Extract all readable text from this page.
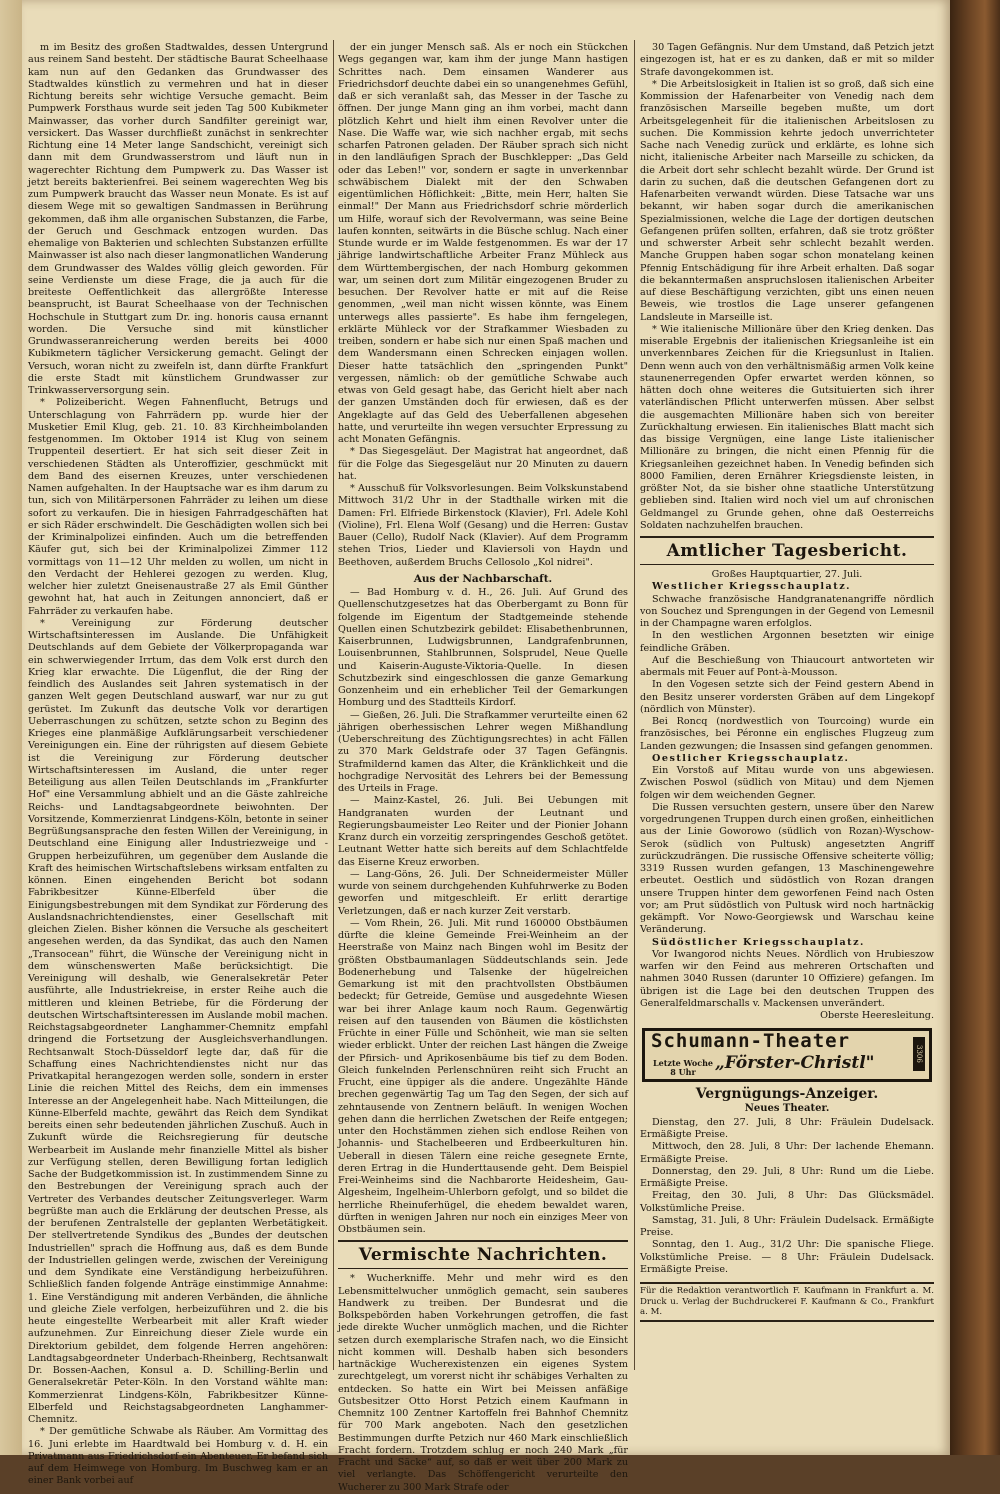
m im Besitz des großen Stadtwaldes, dessen Untergrund aus reinem Sand besteht. Der städtische Baurat Scheelhaase kam nun auf den Gedanken das Grundwasser des Stadtwaldes künstlich zu vermehren und hat in dieser Richtung bereits sehr wichtige Versuche gemacht. Beim Pumpwerk Forsthaus wurde seit jeden Tag 500 Kubikmeter Mainwasser, das vorher durch Sandfilter gereinigt war, versickert. Das Wasser durchfließt zunächst in senkrechter Richtung eine 14 Meter lange Sandschicht, vereinigt sich dann mit dem Grundwasserstrom und läuft nun in wagerechter Richtung dem Pumpwerk zu. Das Wasser ist jetzt bereits bakterienfrei. Bei seinem wagerechten Weg bis zum Pumpwerk braucht das Wasser neun Monate. Es ist auf diesem Wege mit so gewaltigen Sandmassen in Berührung gekommen, daß ihm alle organischen Substanzen, die Farbe, der Geruch und Geschmack entzogen wurden. Das ehemalige von Bakterien und schlechten Substanzen erfüllte Mainwasser ist also nach dieser langmonatlichen Wanderung dem Grundwasser des Waldes völlig gleich geworden. Für seine Verdienste um diese Frage, die ja auch für die breiteste Oeffentlichkeit das allergrößte Interesse beansprucht, ist Baurat Scheelhaase von der Technischen Hochschule in Stuttgart zum Dr. ing. honoris causa ernannt worden. Die Versuche sind mit künstlicher Grundwasseranreicherung werden bereits bei 4000 Kubikmetern täglicher Versickerung gemacht. Gelingt der Versuch, woran nicht zu zweifeln ist, dann dürfte Frankfurt die erste Stadt mit künstlichem Grundwasser zur Trinkwasserversorgung sein.

* Polizeibericht. Wegen Fahnenflucht, Betrugs und Unterschlagung von Fahrrädern pp. wurde hier der Musketier Emil Klug, geb. 21. 10. 83 Kirchheimbolanden festgenommen. Im Oktober 1914 ist Klug von seinem Truppenteil desertiert. Er hat sich seit dieser Zeit in verschiedenen Städten als Unteroffizier, geschmückt mit dem Band des eisernen Kreuzes, unter verschiedenen Namen aufgehalten. In der Hauptsache war es ihm darum zu tun, sich von Militärpersonen Fahrräder zu leihen um diese sofort zu verkaufen. Die in hiesigen Fahrradgeschäften hat er sich Räder erschwindelt. Die Geschädigten wollen sich bei der Kriminalpolizei einfinden. Auch um die betreffenden Käufer gut, sich bei der Kriminalpolizei Zimmer 112 vormittags von 11—12 Uhr melden zu wollen, um nicht in den Verdacht der Hehlerei gezogen zu werden. Klug, welcher hier zuletzt Gneisenaustraße 27 als Emil Günther gewohnt hat, hat auch in Zeitungen annonciert, daß er Fahrräder zu verkaufen habe.

* Vereinigung zur Förderung deutscher Wirtschaftsinteressen im Auslande. Die Unfähigkeit Deutschlands auf dem Gebiete der Völkerpropaganda war ein schwerwiegender Irrtum, das dem Volk erst durch den Krieg klar erwachte. Die Lügenflut, die der Ring der feindlich des Auslandes seit Jahren systematisch in der ganzen Welt gegen Deutschland auswarf, war nur zu gut gerüstet. Im Zukunft das deutsche Volk vor derartigen Ueberraschungen zu schützen, setzte schon zu Beginn des Krieges eine planmäßige Aufklärungsarbeit verschiedener Vereinigungen ein. Eine der rührigsten auf diesem Gebiete ist die Vereinigung zur Förderung deutscher Wirtschaftsinteressen im Ausland, die unter reger Beteiligung aus allen Teilen Deutschlands im „Frankfurter Hof" eine Versammlung abhielt und an die Gäste zahlreiche Reichs- und Landtagsabgeordnete beiwohnten. Der Vorsitzende, Kommerzienrat Lindgens-Köln, betonte in seiner Begrüßungsansprache den festen Willen der Vereinigung, in Deutschland eine Einigung aller Industriezweige und -Gruppen herbeizuführen, um gegenüber dem Auslande die Kraft des heimischen Wirtschaftslebens wirksam entfalten zu können. Einen eingehenden Bericht bot sodann Fabrikbesitzer Künne-Elberfeld über die Einigungsbestrebungen mit dem Syndikat zur Förderung des Auslandsnachrichtendienstes, einer Gesellschaft mit gleichen Zielen. Bisher können die Versuche als gescheitert angesehen werden, da das Syndikat, das auch den Namen „Transocean" führt, die Wünsche der Vereinigung nicht in dem wünschenswerten Maße berücksichtigt. Die Vereinigung will deshalb, wie Generalsekretär Peter ausführte, alle Industriekreise, in erster Reihe auch die mittleren und kleinen Betriebe, für die Förderung der deutschen Wirtschaftsinteressen im Auslande mobil machen. Reichstagsabgeordneter Langhammer-Chemnitz empfahl dringend die Fortsetzung der Ausgleichsverhandlungen. Rechtsanwalt Stoch-Düsseldorf legte dar, daß für die Schaffung eines Nachrichtendienstes nicht nur das Privatkapital herangezogen werden solle, sondern in erster Linie die reichen Mittel des Reichs, dem ein immenses Interesse an der Angelegenheit habe. Nach Mitteilungen, die Künne-Elberfeld machte, gewährt das Reich dem Syndikat bereits einen sehr bedeutenden jährlichen Zuschuß. Auch in Zukunft würde die Reichsregierung für deutsche Werbearbeit im Auslande mehr finanzielle Mittel als bisher zur Verfügung stellen, deren Bewilligung fortan lediglich Sache der Budgetkommission ist. In zustimmendem Sinne zu den Bestrebungen der Vereinigung sprach auch der Vertreter des Verbandes deutscher Zeitungsverleger. Warm begrüßte man auch die Erklärung der deutschen Presse, als der berufenen Zentralstelle der geplanten Werbetätigkeit. Der stellvertretende Syndikus des „Bundes der deutschen Industriellen" sprach die Hoffnung aus, daß es dem Bunde der Industriellen gelingen werde, zwischen der Vereinigung und dem Syndikate eine Verständigung herbeizuführen. Schließlich fanden folgende Anträge einstimmige Annahme: 1. Eine Verständigung mit anderen Verbänden, die ähnliche und gleiche Ziele verfolgen, herbeizuführen und 2. die bis heute eingestellte Werbearbeit mit aller Kraft wieder aufzunehmen. Zur Einreichung dieser Ziele wurde ein Direktorium gebildet, dem folgende Herren angehören: Landtagsabgeordneter Underbach-Rheinberg, Rechtsanwalt Dr. Bossen-Aachen, Konsul a. D. Schilling-Berlin und Generalsekretär Peter-Köln. In den Vorstand wählte man: Kommerzienrat Lindgens-Köln, Fabrikbesitzer Künne-Elberfeld und Reichstagsabgeordneten Langhammer-Chemnitz.

* Der gemütliche Schwabe als Räuber. Am Vormittag des 16. Juni erlebte im Haardtwald bei Homburg v. d. H. ein Privatmann aus Friedrichsdorf ein Abenteuer. Er befand sich auf dem Heimwege von Homburg. Im Buschweg kam er an einer Bank vorbei auf

der ein junger Mensch saß. Als er noch ein Stückchen Wegs gegangen war, kam ihm der junge Mann hastigen Schrittes nach. Dem einsamen Wanderer aus Friedrichsdorf deuchte dabei ein so unangenehmes Gefühl, daß er sich veranlaßt sah, das Messer in der Tasche zu öffnen. Der junge Mann ging an ihm vorbei, macht dann plötzlich Kehrt und hielt ihm einen Revolver unter die Nase. Die Waffe war, wie sich nachher ergab, mit sechs scharfen Patronen geladen. Der Räuber sprach sich nicht in den landläufigen Sprach der Buschklepper: „Das Geld oder das Leben!" vor, sondern er sagte in unverkennbar schwäbischem Dialekt mit der den Schwaben eigentümlichen Höflichkeit: „Bitte, mein Herr, halten Sie einmal!" Der Mann aus Friedrichsdorf schrie mörderlich um Hilfe, worauf sich der Revolvermann, was seine Beine laufen konnten, seitwärts in die Büsche schlug. Nach einer Stunde wurde er im Walde festgenommen. Es war der 17 jährige landwirtschaftliche Arbeiter Franz Mühleck aus dem Württembergischen, der nach Homburg gekommen war, um seinen dort zum Militär eingezogenen Bruder zu besuchen. Der Revolver hatte er mit auf die Reise genommen, „weil man nicht wissen könnte, was Einem unterwegs alles passierte". Es habe ihm ferngelegen, erklärte Mühleck vor der Strafkammer Wiesbaden zu treiben, sondern er habe sich nur einen Spaß machen und dem Wandersmann einen Schrecken einjagen wollen. Dieser hatte tatsächlich den „springenden Punkt" vergessen, nämlich: ob der gemütliche Schwabe auch etwas von Geld gesagt habe, das Gericht hielt aber nach der ganzen Umständen doch für erwiesen, daß es der Angeklagte auf das Geld des Ueberfallenen abgesehen hatte, und verurteilte ihn wegen versuchter Erpressung zu acht Monaten Gefängnis.

* Das Siegesgeläut. Der Magistrat hat angeordnet, daß für die Folge das Siegesgeläut nur 20 Minuten zu dauern hat.

* Ausschuß für Volksvorlesungen. Beim Volkskunstabend Mittwoch 31/2 Uhr in der Stadthalle wirken mit die Damen: Frl. Elfriede Birkenstock (Klavier), Frl. Adele Kohl (Violine), Frl. Elena Wolf (Gesang) und die Herren: Gustav Bauer (Cello), Rudolf Nack (Klavier). Auf dem Programm stehen Trios, Lieder und Klaviersoli von Haydn und Beethoven, außerdem Bruchs Cellosolo „Kol nidrei".

Aus der Nachbarschaft.

— Bad Homburg v. d. H., 26. Juli. Auf Grund des Quellenschutzgesetzes hat das Oberbergamt zu Bonn für folgende im Eigentum der Stadtgemeinde stehende Quellen einen Schutzbezirk gebildet: Elisabethenbrunnen, Kaiserbrunnen, Ludwigsbrunnen, Landgrafenbrunnen, Louisenbrunnen, Stahlbrunnen, Solsprudel, Neue Quelle und Kaiserin-Auguste-Viktoria-Quelle. In diesen Schutzbezirk sind eingeschlossen die ganze Gemarkung Gonzenheim und ein erheblicher Teil der Gemarkungen Homburg und des Stadtteils Kirdorf.

— Gießen, 26. Juli. Die Strafkammer verurteilte einen 62 jährigen oberhessischen Lehrer wegen Mißhandlung (Ueberschreitung des Züchtigungsrechtes) in acht Fällen zu 370 Mark Geldstrafe oder 37 Tagen Gefängnis. Strafmildernd kamen das Alter, die Kränklichkeit und die hochgradige Nervosität des Lehrers bei der Bemessung des Urteils in Frage.

— Mainz-Kastel, 26. Juli. Bei Uebungen mit Handgranaten wurden der Leutnant und Regierungsbaumeister Leo Reiter und der Pionier Johann Kranz durch ein vorzeitig zerspringendes Geschoß getötet. Leutnant Wetter hatte sich bereits auf dem Schlachtfelde das Eiserne Kreuz erworben.

— Lang-Göns, 26. Juli. Der Schneidermeister Müller wurde von seinem durchgehenden Kuhfuhrwerke zu Boden geworfen und mitgeschleift. Er erlitt derartige Verletzungen, daß er nach kurzer Zeit verstarb.

— Vom Rhein, 26. Juli. Mit rund 160000 Obstbäumen dürfte die kleine Gemeinde Frei-Weinheim an der Heerstraße von Mainz nach Bingen wohl im Besitz der größten Obstbaumanlagen Süddeutschlands sein. Jede Bodenerhebung und Talsenke der hügelreichen Gemarkung ist mit den prachtvollsten Obstbäumen bedeckt; für Getreide, Gemüse und ausgedehnte Wiesen war bei ihrer Anlage kaum noch Raum. Gegenwärtig reisen auf den tausenden von Bäumen die köstlichsten Früchte in einer Fülle und Schönheit, wie man sie selten wieder erblickt. Unter der reichen Last hängen die Zweige der Pfirsich- und Aprikosenbäume bis tief zu dem Boden. Gleich funkelnden Perlenschnüren reiht sich Frucht an Frucht, eine üppiger als die andere. Ungezählte Hände brechen gegenwärtig Tag um Tag den Segen, der sich auf zehntausende von Zentnern beläuft. In wenigen Wochen gehen dann die herrlichen Zwetschen der Reife entgegen; unter den Hochstämmen ziehen sich endlose Reihen von Johannis- und Stachelbeeren und Erdbeerkulturen hin. Ueberall in diesen Tälern eine reiche gesegnete Ernte, deren Ertrag in die Hunderttausende geht. Dem Beispiel Frei-Weinheims sind die Nachbarorte Heidesheim, Gau-Algesheim, Ingelheim-Uhlerborn gefolgt, und so bildet die herrliche Rheinuferhügel, die ehedem bewaldet waren, dürften in wenigen Jahren nur noch ein einziges Meer von Obstbäumen sein.

Vermischte Nachrichten.

* Wucherkniffe. Mehr und mehr wird es den Lebensmittelwucher unmöglich gemacht, sein sauberes Handwerk zu treiben. Der Bundesrat und die Bolkspebörden haben Vorkehrungen getroffen, die fast jede direkte Wucher unmöglich machen, und die Richter setzen durch exemplarische Strafen nach, wo die Einsicht nicht kommen will. Deshalb haben sich besonders hartnäckige Wucherexistenzen ein eigenes System zurechtgelegt, um vorerst nicht ihr schäbiges Verhalten zu entdecken. So hatte ein Wirt bei Meissen anfäßige Gutsbesitzer Otto Horst Petzich einem Kaufmann in Chemnitz 100 Zentner Kartoffeln frei Bahnhof Chemnitz für 700 Mark angeboten. Nach den gesetzlichen Bestimmungen durfte Petzich nur 460 Mark einschließlich Fracht fordern. Trotzdem schlug er noch 240 Mark „für Fracht und Säcke“ auf, so daß er weit über 200 Mark zu viel verlangte. Das Schöffengericht verurteilte den Wucherer zu 300 Mark Strafe oder

30 Tagen Gefängnis. Nur dem Umstand, daß Petzich jetzt eingezogen ist, hat er es zu danken, daß er mit so milder Strafe davongekommen ist.

* Die Arbeitslosigkeit in Italien ist so groß, daß sich eine Kommission der Hafenarbeiter von Venedig nach dem französischen Marseille begeben mußte, um dort Arbeitsgelegenheit für die italienischen Arbeitslosen zu suchen. Die Kommission kehrte jedoch unverrichteter Sache nach Venedig zurück und erklärte, es lohne sich nicht, italienische Arbeiter nach Marseille zu schicken, da die Arbeit dort sehr schlecht bezahlt würde. Der Grund ist darin zu suchen, daß die deutschen Gefangenen dort zu Hafenarbeiten verwandt würden. Diese Tatsache war uns bekannt, wir haben sogar durch die amerikanischen Spezialmissionen, welche die Lage der dortigen deutschen Gefangenen prüfen sollten, erfahren, daß sie trotz größter und schwerster Arbeit sehr schlecht bezahlt werden. Manche Gruppen haben sogar schon monatelang keinen Pfennig Entschädigung für ihre Arbeit erhalten. Daß sogar die bekanntermaßen anspruchslosen italienischen Arbeiter auf diese Beschäftigung verzichten, gibt uns einen neuen Beweis, wie trostlos die Lage unserer gefangenen Landsleute in Marseille ist.

* Wie italienische Millionäre über den Krieg denken. Das miserable Ergebnis der italienischen Kriegsanleihe ist ein unverkennbares Zeichen für die Kriegsunlust in Italien. Denn wenn auch von den verhältnismäßig armen Volk keine staunenerregenden Opfer erwartet werden können, so hätten doch ohne weiteres die Gutsituierten sich ihrer vaterländischen Pflicht unterwerfen müssen. Aber selbst die ausgemachten Millionäre haben sich von bereiter Zurückhaltung erwiesen. Ein italienisches Blatt macht sich das bissige Vergnügen, eine lange Liste italienischer Millionäre zu bringen, die nicht einen Pfennig für die Kriegsanleihen gezeichnet haben. In Venedig befinden sich 8000 Familien, deren Ernährer Kriegsdienste leisten, in größter Not, da sie bisher ohne staatliche Unterstützung geblieben sind. Italien wird noch viel um auf chronischen Geldmangel zu Grunde gehen, ohne daß Oesterreichs Soldaten nachzuhelfen brauchen.

Amtlicher Tagesbericht.

Großes Hauptquartier, 27. Juli.

Westlicher Kriegsschauplatz.

Schwache französische Handgranatenangriffe nördlich von Souchez und Sprengungen in der Gegend von Lemesnil in der Champagne waren erfolglos.

In den westlichen Argonnen besetzten wir einige feindliche Gräben.

Auf die Beschießung von Thiaucourt antworteten wir abermals mit Feuer auf Pont-à-Mousson.

In den Vogesen setzte sich der Feind gestern Abend in den Besitz unserer vordersten Gräben auf dem Lingekopf (nördlich von Münster).

Bei Roncq (nordwestlich von Tourcoing) wurde ein französisches, bei Péronne ein englisches Flugzeug zum Landen gezwungen; die Insassen sind gefangen genommen.

Oestlicher Kriegsschauplatz.

Ein Vorstoß auf Mitau wurde von uns abgewiesen. Zwischen Poswol (südlich von Mitau) und dem Njemen folgen wir dem weichenden Gegner.

Die Russen versuchten gestern, unsere über den Narew vorgedrungenen Truppen durch einen großen, einheitlichen aus der Linie Goworowo (südlich von Rozan)-Wyschow-Serok (südlich von Pultusk) angesetzten Angriff zurückzudrängen. Die russische Offensive scheiterte völlig; 3319 Russen wurden gefangen, 13 Maschinengewehre erbeutet. Oestlich und südöstlich von Rozan drangen unsere Truppen hinter dem geworfenen Feind nach Osten vor; am Prut südöstlich von Pultusk wird noch hartnäckig gekämpft. Vor Nowo-Georgiewsk und Warschau keine Veränderung.

Südöstlicher Kriegsschauplatz.

Vor Iwangorod nichts Neues. Nördlich von Hrubieszow warfen wir den Feind aus mehreren Ortschaften und nahmen 3040 Russen (darunter 10 Offiziere) gefangen. Im übrigen ist die Lage bei den deutschen Truppen des Generalfeldmarschalls v. Mackensen unverändert.

Oberste Heeresleitung.

Schumann-Theater
Letzte Woche
8 Uhr	„Förster-Christl"	3306
Vergnügungs-Anzeiger.
Neues Theater.

Dienstag, den 27. Juli, 8 Uhr: Fräulein Dudelsack. Ermäßigte Preise.

Mittwoch, den 28. Juli, 8 Uhr: Der lachende Ehemann. Ermäßigte Preise.

Donnerstag, den 29. Juli, 8 Uhr: Rund um die Liebe. Ermäßigte Preise.

Freitag, den 30. Juli, 8 Uhr: Das Glücksmädel. Volkstümliche Preise.

Samstag, 31. Juli, 8 Uhr: Fräulein Dudelsack. Ermäßigte Preise.

Sonntag, den 1. Aug., 31/2 Uhr: Die spanische Fliege. Volkstümliche Preise. — 8 Uhr: Fräulein Dudelsack. Ermäßigte Preise.

Für die Redaktion verantwortlich F. Kaufmann in Frankfurt a. M. Druck u. Verlag der Buchdruckerei F. Kaufmann & Co., Frankfurt a. M.
